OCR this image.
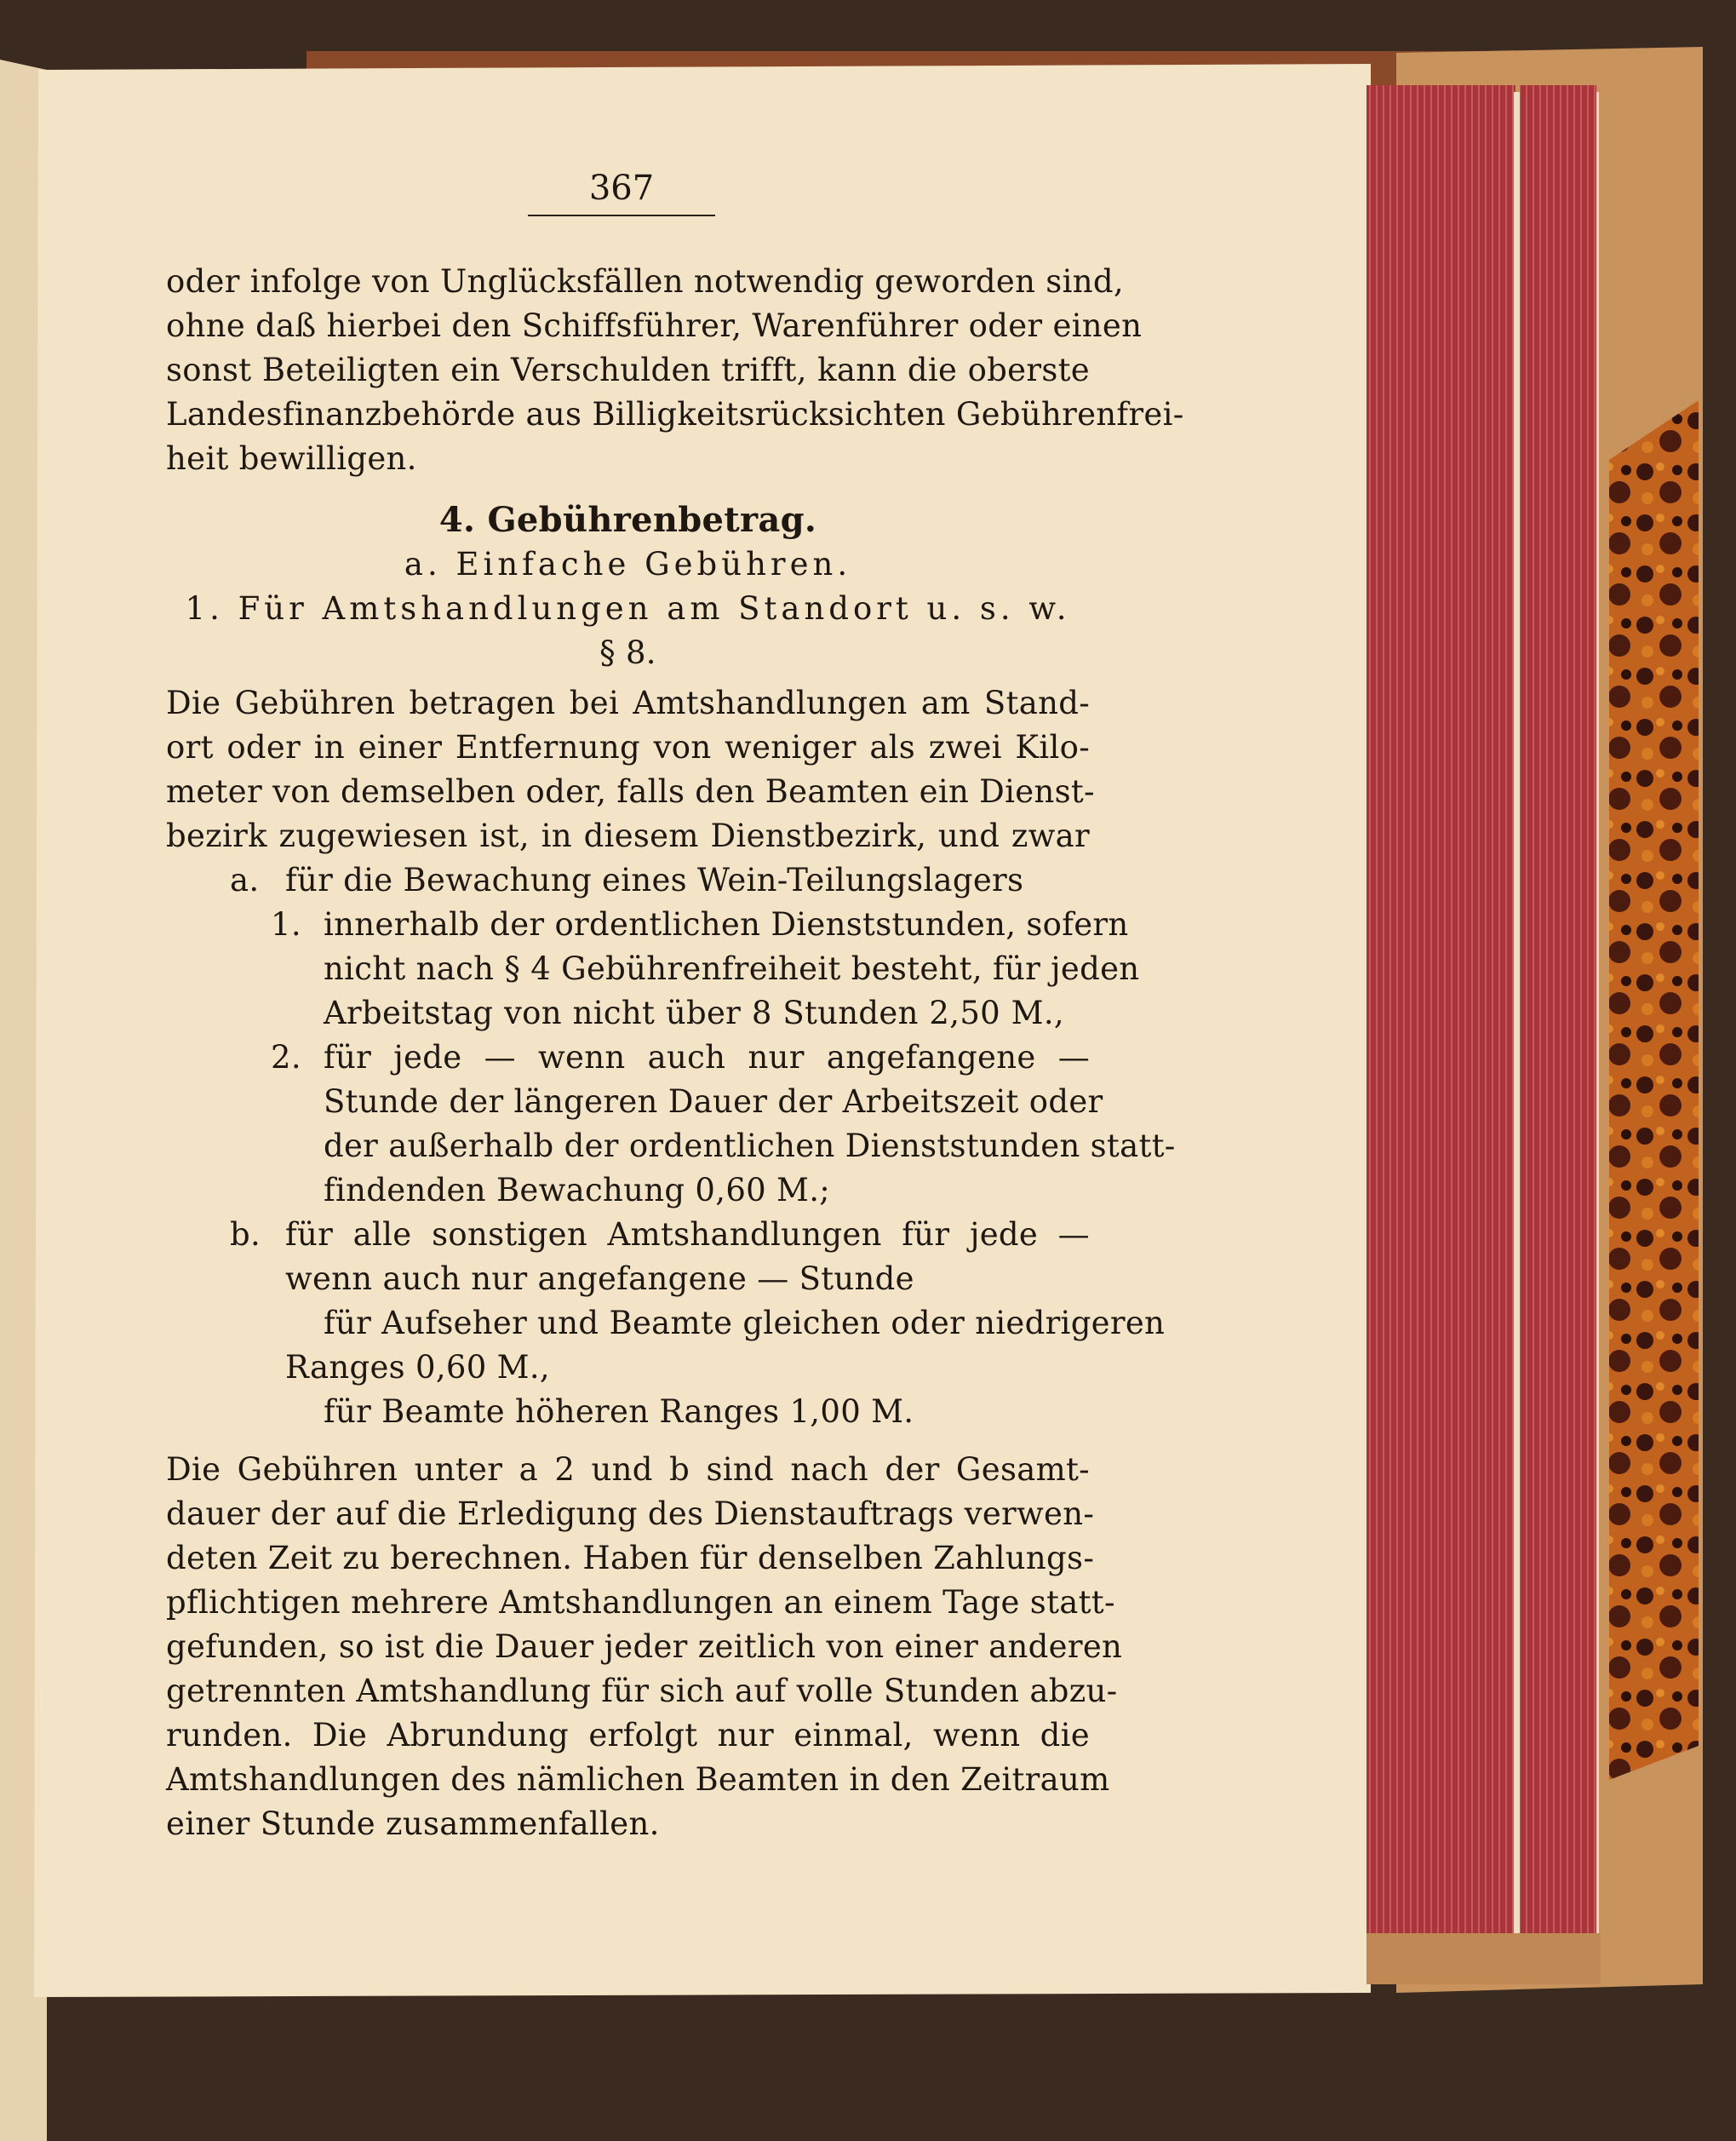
367
oder infolge von Unglücksfällen notwendig geworden sind,
ohne daß hierbei den Schiffsführer, Warenführer oder einen
sonst Beteiligten ein Verschulden trifft, kann die oberste
Landesfinanzbehörde aus Billigkeitsrücksichten Gebührenfrei-
heit bewilligen.
4. Gebührenbetrag.
a. Einfache Gebühren.
1. Für Amtshandlungen am Standort u. s. w.
§ 8.
Die Gebühren betragen bei Amtshandlungen am Stand-
ort oder in einer Entfernung von weniger als zwei Kilo-
meter von demselben oder, falls den Beamten ein Dienst-
bezirk zugewiesen ist, in diesem Dienstbezirk, und zwar
a. für die Bewachung eines Wein-Teilungslagers
1. innerhalb der ordentlichen Dienststunden, sofern
nicht nach § 4 Gebührenfreiheit besteht, für jeden
Arbeitstag von nicht über 8 Stunden 2,50 M.,
2. für jede — wenn auch nur angefangene —
Stunde der längeren Dauer der Arbeitszeit oder
der außerhalb der ordentlichen Dienststunden statt-
findenden Bewachung 0,60 M.;
b. für alle sonstigen Amtshandlungen für jede —
wenn auch nur angefangene — Stunde
für Aufseher und Beamte gleichen oder niedrigeren
Ranges 0,60 M.,
für Beamte höheren Ranges 1,00 M.
Die Gebühren unter a 2 und b sind nach der Gesamt-
dauer der auf die Erledigung des Dienstauftrags verwen-
deten Zeit zu berechnen. Haben für denselben Zahlungs-
pflichtigen mehrere Amtshandlungen an einem Tage statt-
gefunden, so ist die Dauer jeder zeitlich von einer anderen
getrennten Amtshandlung für sich auf volle Stunden abzu-
runden. Die Abrundung erfolgt nur einmal, wenn die
Amtshandlungen des nämlichen Beamten in den Zeitraum
einer Stunde zusammenfallen.
